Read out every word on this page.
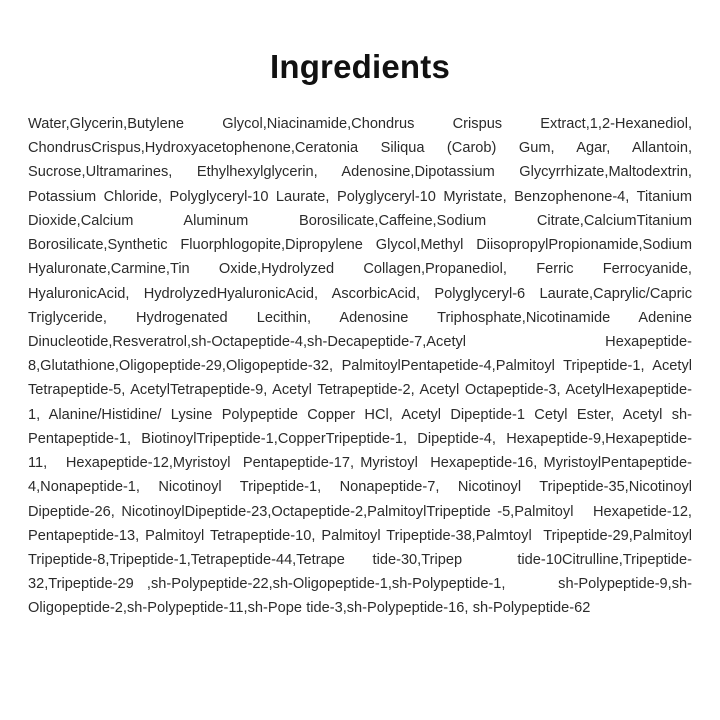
Ingredients
Water,Glycerin,Butylene Glycol,Niacinamide,Chondrus Crispus Extract,1,2-Hexanediol, ChondrusCrispus,Hydroxyacetophenone,Ceratonia Siliqua (Carob) Gum, Agar, Allantoin, Sucrose,Ultramarines, Ethylhexylglycerin, Adenosine,Dipotassium Glycyrrhizate,Maltodextrin, Potassium Chloride, Polyglyceryl-10 Laurate, Polyglyceryl-10 Myristate, Benzophenone-4, Titanium Dioxide,Calcium Aluminum Borosilicate,Caffeine,Sodium Citrate,CalciumTitanium Borosilicate,Synthetic Fluorphlogopite,Dipropylene Glycol,Methyl DiisopropylPropionamide,Sodium Hyaluronate,Carmine,Tin Oxide,Hydrolyzed Collagen,Propanediol, Ferric Ferrocyanide, HyaluronicAcid, HydrolyzedHyaluronicAcid, AscorbicAcid, Polyglyceryl-6 Laurate,Caprylic/Capric Triglyceride, Hydrogenated Lecithin, Adenosine Triphosphate,Nicotinamide Adenine Dinucleotide,Resveratrol,sh-Octapeptide-4,sh-Decapeptide-7,Acetyl Hexapeptide-8,Glutathione,Oligopeptide-29,Oligopeptide-32, PalmitoylPentapetide-4,Palmitoyl Tripeptide-1, Acetyl Tetrapeptide-5, AcetylTetrapeptide-9, Acetyl Tetrapeptide-2, Acetyl Octapeptide-3, AcetylHexapeptide-1, Alanine/Histidine/ Lysine Polypeptide Copper HCl, Acetyl Dipeptide-1 Cetyl Ester, Acetyl sh-Pentapeptide-1, BiotinoylTripeptide-1,CopperTripeptide-1, Dipeptide-4, Hexapeptide-9,Hexapeptide-11,   Hexapeptide-12,Myristoyl  Pentapeptide-17, Myristoyl  Hexapeptide-16, MyristoylPentapeptide-4,Nonapeptide-1, Nicotinoyl Tripeptide-1, Nonapeptide-7, Nicotinoyl Tripeptide-35,Nicotinoyl  Dipeptide-26, NicotinoylDipeptide-23,Octapeptide-2,PalmitoylTripeptide -5,Palmitoyl   Hexapetide-12, Pentapeptide-13, Palmitoyl Tetrapeptide-10, Palmitoyl Tripeptide-38,Palmtoyl  Tripeptide-29,Palmitoyl  Tripeptide-8,Tripeptide-1,Tetrapeptide-44,Tetrape tide-30,Tripep  tide-10Citrulline,Tripeptide-32,Tripeptide-29 ,sh-Polypeptide-22,sh-Oligopeptide-1,sh-Polypeptide-1,    sh-Polypeptide-9,sh-Oligopeptide-2,sh-Polypeptide-11,sh-Pope tide-3,sh-Polypeptide-16, sh-Polypeptide-62
